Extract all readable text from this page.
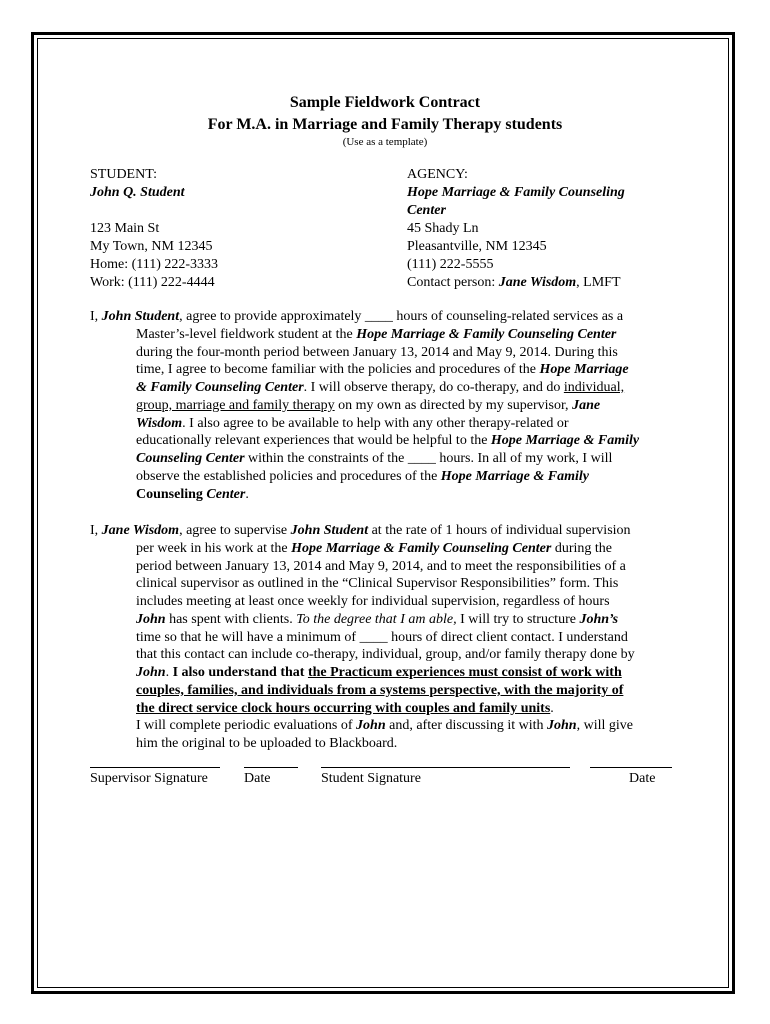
Sample Fieldwork Contract
For M.A. in Marriage and Family Therapy students
(Use as a template)
STUDENT:
John Q. Student

123 Main St
My Town, NM 12345
Home: (111) 222-3333
Work: (111) 222-4444
AGENCY:
Hope Marriage & Family Counseling
Center
45 Shady Ln
Pleasantville, NM 12345
(111) 222-5555
Contact person: Jane Wisdom, LMFT
I, John Student, agree to provide approximately ____ hours of counseling-related services as a
Master’s-level fieldwork student at the Hope Marriage & Family Counseling Center
during the four-month period between January 13, 2014 and May 9, 2014. During this
time, I agree to become familiar with the policies and procedures of the Hope Marriage
& Family Counseling Center. I will observe therapy, do co-therapy, and do individual,
group, marriage and family therapy on my own as directed by my supervisor, Jane
Wisdom. I also agree to be available to help with any other therapy-related or
educationally relevant experiences that would be helpful to the Hope Marriage & Family
Counseling Center within the constraints of the ____ hours. In all of my work, I will
observe the established policies and procedures of the Hope Marriage & Family
Counseling Center.
I, Jane Wisdom, agree to supervise John Student at the rate of 1 hours of individual supervision
per week in his work at the Hope Marriage & Family Counseling Center during the
period between January 13, 2014 and May 9, 2014, and to meet the responsibilities of a
clinical supervisor as outlined in the “Clinical Supervisor Responsibilities” form. This
includes meeting at least once weekly for individual supervision, regardless of hours
John has spent with clients. To the degree that I am able, I will try to structure John’s
time so that he will have a minimum of ____ hours of direct client contact. I understand
that this contact can include co-therapy, individual, group, and/or family therapy done by
John. I also understand that the Practicum experiences must consist of work with
couples, families, and individuals from a systems perspective, with the majority of
the direct service clock hours occurring with couples and family units.
I will complete periodic evaluations of John and, after discussing it with John, will give
him the original to be uploaded to Blackboard.
Supervisor Signature	Date	Student Signature	Date
